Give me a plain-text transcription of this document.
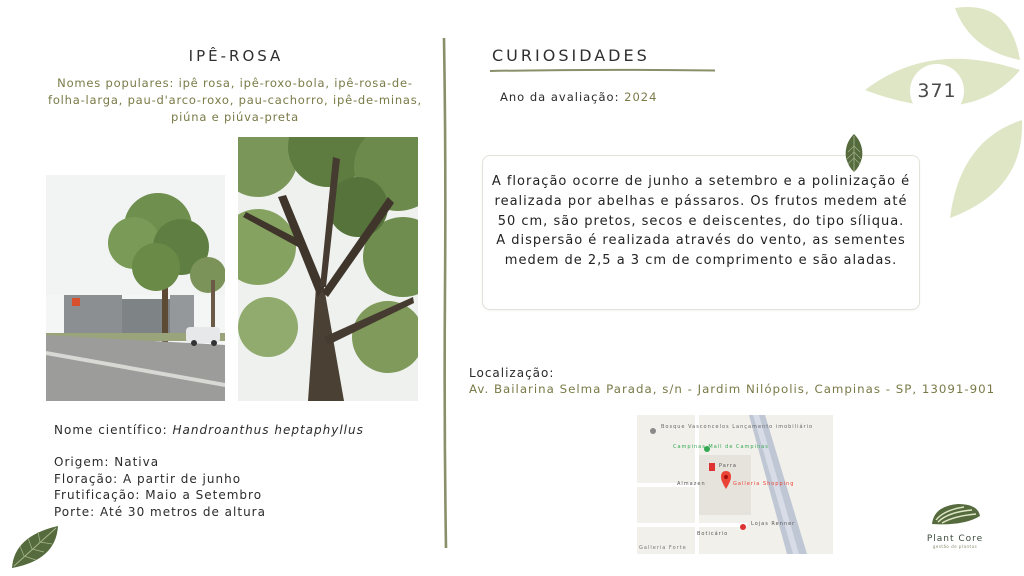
IPÊ-ROSA
Nomes populares: ipê rosa, ipê-roxo-bola, ipê-rosa-de-folha-larga, pau-d'arco-roxo, pau-cachorro, ipê-de-minas, piúna e piúva-preta
Nome científico: Handroanthus heptaphyllus
Origem: Nativa
Floração: A partir de junho
Frutificação: Maio a Setembro
Porte: Até 30 metros de altura
CURIOSIDADES
Ano da avaliação: 2024	371
A floração ocorre de junho a setembro e a polinização é realizada por abelhas e pássaros. Os frutos medem até 50 cm, são pretos, secos e deiscentes, do tipo síliqua. A dispersão é realizada através do vento, as sementes medem de 2,5 a 3 cm de comprimento e são aladas.
Localização:
Av. Bailarina Selma Parada, s/n - Jardim Nilópolis, Campinas - SP, 13091-901
Bosque Vasconcelos Lançamento imobiliário
Campinas Mall de Campinas
Parra
Almazen	Galleria Shopping
Lojas Renner
Boticário
Galleria Forte
Plant Core
gestão de plantas
